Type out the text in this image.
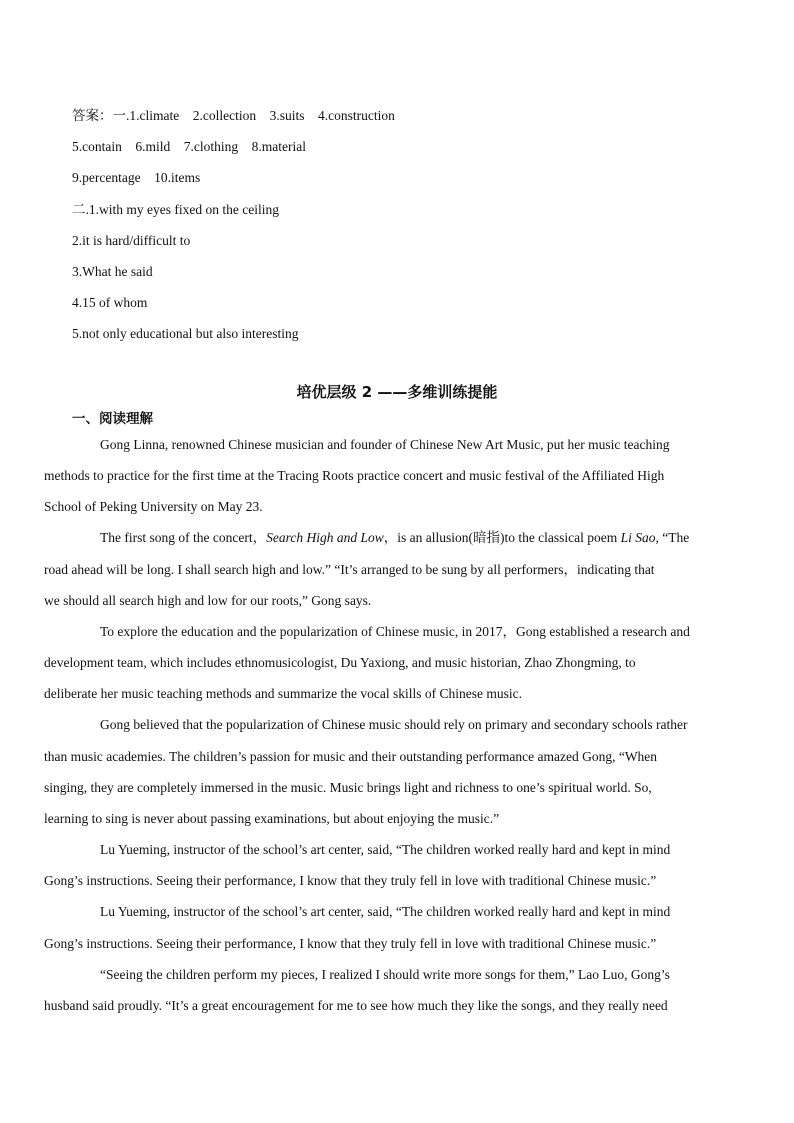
答案：一.1.climate    2.collection    3.suits    4.construction
5.contain    6.mild    7.clothing    8.material
9.percentage    10.items
二.1.with my eyes fixed on the ceiling
2.it is hard/difficult to
3.What he said
4.15 of whom
5.not only educational but also interesting
培优层级 2 ——多维训练提能
一、阅读理解

Gong Linna, renowned Chinese musician and founder of Chinese New Art Music, put her music teaching
methods to practice for the first time at the Tracing Roots practice concert and music festival of the Affiliated High
School of Peking University on May 23.

The first song of the concert，Search High and Low，is an allusion(暗指)to the classical poem Li Sao, “The
road ahead will be long. I shall search high and low.” “It’s arranged to be sung by all performers，indicating that
we should all search high and low for our roots,” Gong says.

To explore the education and the popularization of Chinese music, in 2017，Gong established a research and
development team, which includes ethnomusicologist, Du Yaxiong, and music historian, Zhao Zhongming, to
deliberate her music teaching methods and summarize the vocal skills of Chinese music.

Gong believed that the popularization of Chinese music should rely on primary and secondary schools rather
than music academies. The children’s passion for music and their outstanding performance amazed Gong, “When
singing, they are completely immersed in the music. Music brings light and richness to one’s spiritual world. So,
learning to sing is never about passing examinations, but about enjoying the music.”

Lu Yueming, instructor of the school’s art center, said, “The children worked really hard and kept in mind
Gong’s instructions. Seeing their performance, I know that they truly fell in love with traditional Chinese music.”

Lu Yueming, instructor of the school’s art center, said, “The children worked really hard and kept in mind
Gong’s instructions. Seeing their performance, I know that they truly fell in love with traditional Chinese music.”

“Seeing the children perform my pieces, I realized I should write more songs for them,” Lao Luo, Gong’s
husband said proudly. “It’s a great encouragement for me to see how much they like the songs, and they really need
